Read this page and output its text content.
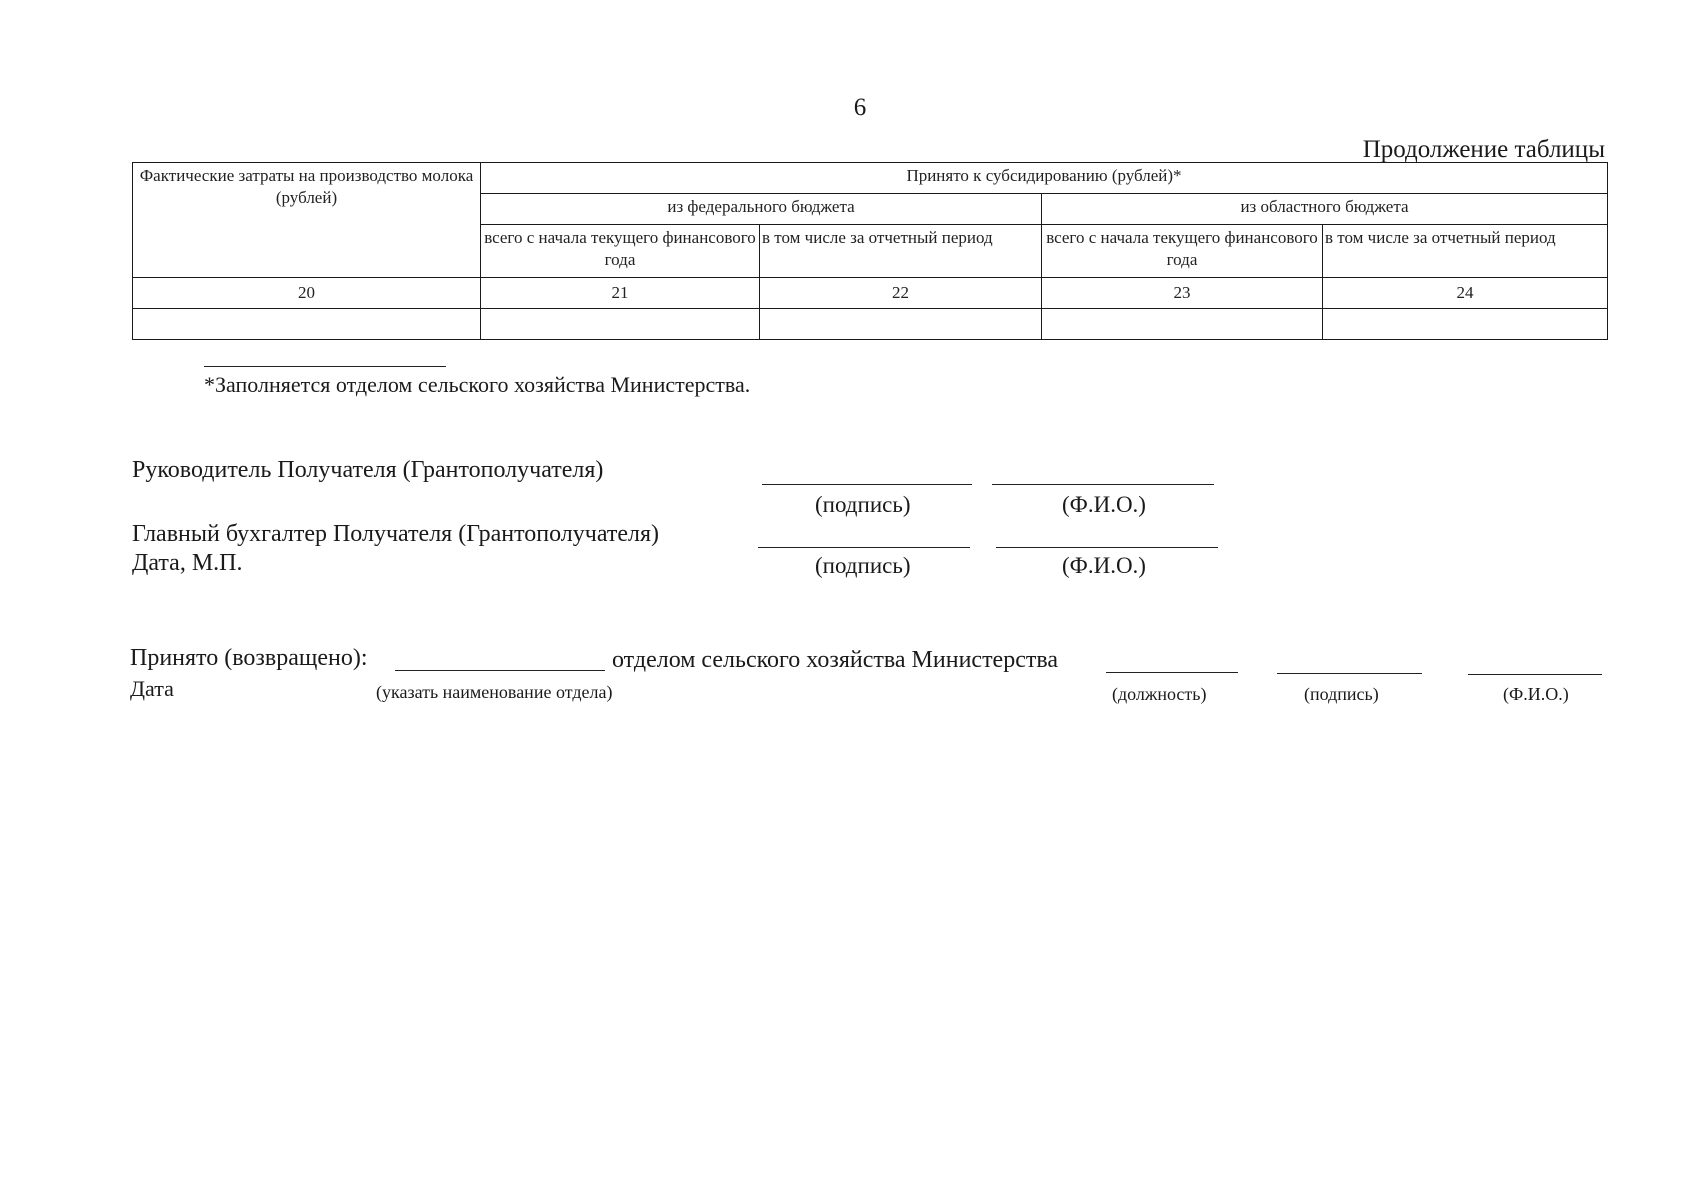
6
Продолжение таблицы
Фактические затраты на производство молока (рублей)	Принято к субсидированию (рублей)*			
	из федерального бюджета		из областного бюджета	
	всего с начала текущего финансового года	в том числе за отчетный период	всего с начала текущего финансового года	в том числе за отчетный период
20	21	22	23	24

*Заполняется отделом сельского хозяйства Министерства.
Руководитель Получателя (Грантополучателя)
(подпись)	(Ф.И.О.)
Главный бухгалтер Получателя (Грантополучателя)
Дата, М.П.	(подпись)	(Ф.И.О.)
Принято (возвращено):	отделом сельского хозяйства Министерства
Дата	(указать наименование отдела)	(должность)	(подпись)	(Ф.И.О.)
